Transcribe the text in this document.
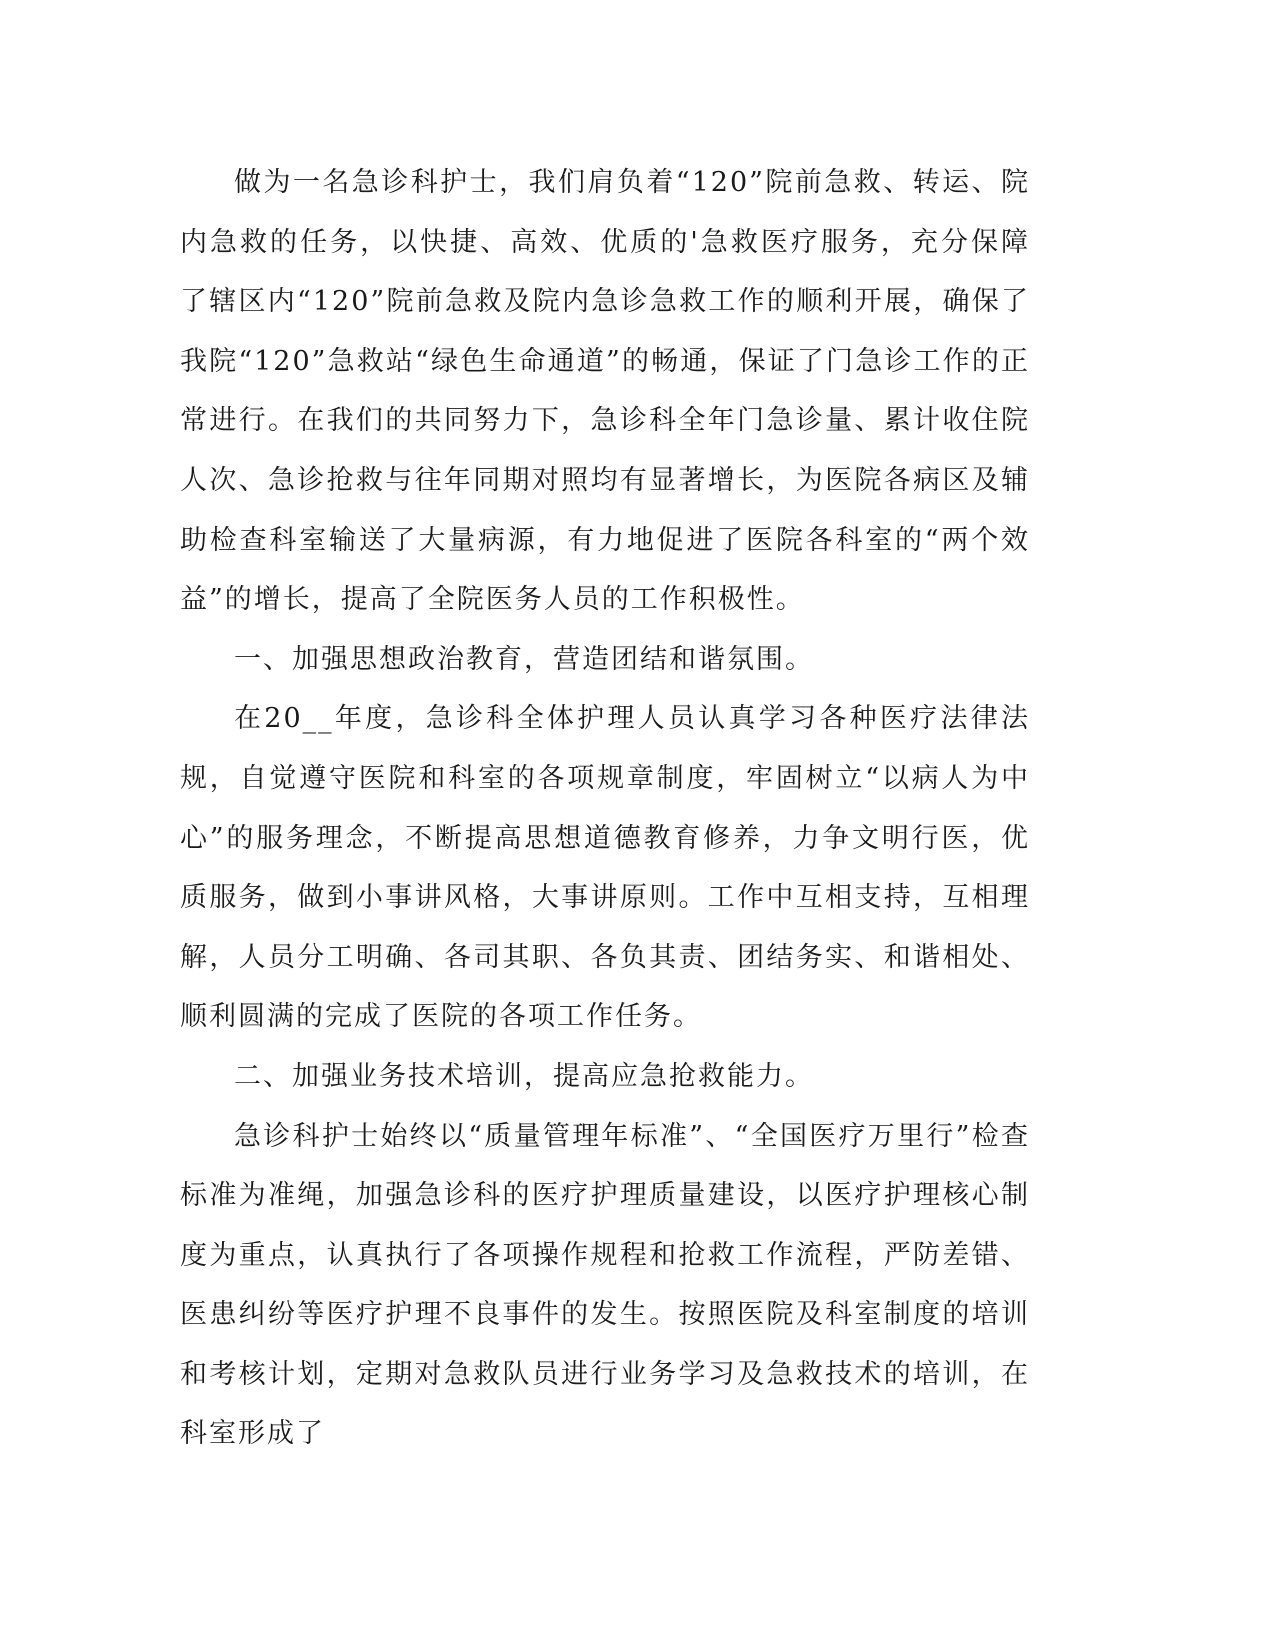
做为一名急诊科护士，我们肩负着“120”院前急救、转运、院内急救的任务，以快捷、高效、优质的'急救医疗服务，充分保障了辖区内“120”院前急救及院内急诊急救工作的顺利开展，确保了我院“120”急救站“绿色生命通道”的畅通，保证了门急诊工作的正常进行。在我们的共同努力下，急诊科全年门急诊量、累计收住院人次、急诊抢救与往年同期对照均有显著增长，为医院各病区及辅助检查科室输送了大量病源，有力地促进了医院各科室的“两个效益”的增长，提高了全院医务人员的工作积极性。

一、加强思想政治教育，营造团结和谐氛围。

在20__年度，急诊科全体护理人员认真学习各种医疗法律法规，自觉遵守医院和科室的各项规章制度，牢固树立“以病人为中心”的服务理念，不断提高思想道德教育修养，力争文明行医，优质服务，做到小事讲风格，大事讲原则。工作中互相支持，互相理解，人员分工明确、各司其职、各负其责、团结务实、和谐相处、顺利圆满的完成了医院的各项工作任务。

二、加强业务技术培训，提高应急抢救能力。

急诊科护士始终以“质量管理年标准”、“全国医疗万里行”检查标准为准绳，加强急诊科的医疗护理质量建设，以医疗护理核心制度为重点，认真执行了各项操作规程和抢救工作流程，严防差错、医患纠纷等医疗护理不良事件的发生。按照医院及科室制度的培训和考核计划，定期对急救队员进行业务学习及急救技术的培训，在科室形成了
